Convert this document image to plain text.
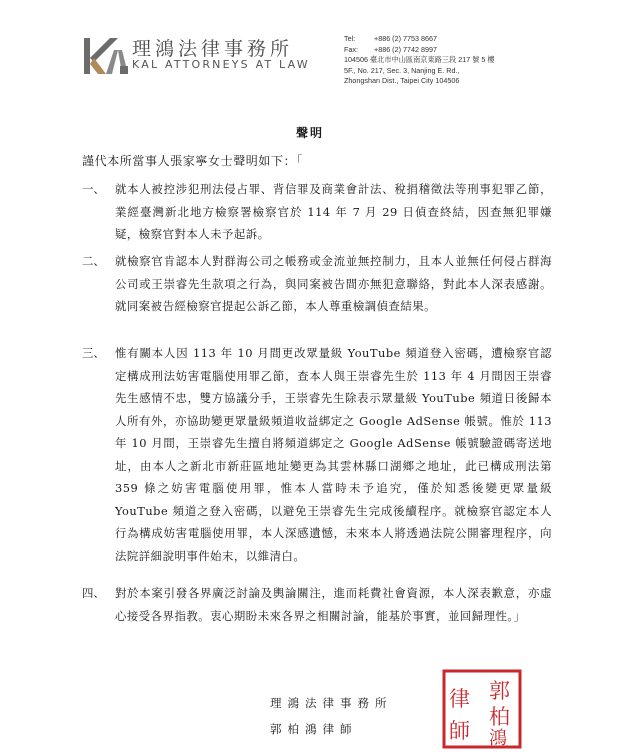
理鴻法律事務所
KAL ATTORNEYS AT LAW
Tel:	+886 (2) 7753 8667
Fax: +886 (2) 7742 8997
104506 臺北市中山區南京東路三段 217 號 5 樓
5F., No. 217, Sec. 3, Nanjing E. Rd.,
Zhongshan Dist., Taipei City 104506
聲明
謹代本所當事人張家寧女士聲明如下：「
一、 就本人被控涉犯刑法侵占罪、背信罪及商業會計法、稅捐稽徵法等刑事犯罪乙節，業經臺灣新北地方檢察署檢察官於 114 年 7 月 29 日偵查終結，因查無犯罪嫌疑，檢察官對本人未予起訴。
二、 就檢察官肯認本人對群海公司之帳務或金流並無控制力，且本人並無任何侵占群海公司或王崇睿先生款項之行為，與同案被告間亦無犯意聯絡，對此本人深表感謝。就同案被告經檢察官提起公訴乙節，本人尊重檢調偵查結果。
三、 惟有關本人因 113 年 10 月間更改眾量級 YouTube 頻道登入密碼，遭檢察官認定構成刑法妨害電腦使用罪乙節，查本人與王崇睿先生於 113 年 4 月間因王崇睿先生感情不忠，雙方協議分手，王崇睿先生除表示眾量級 YouTube 頻道日後歸本人所有外，亦協助變更眾量級頻道收益綁定之 Google AdSense 帳號。惟於 113 年 10 月間，王崇睿先生擅自將頻道綁定之 Google AdSense 帳號驗證碼寄送地址，由本人之新北市新莊區地址變更為其雲林縣口湖鄉之地址，此已構成刑法第 359 條之妨害電腦使用罪，惟本人當時未予追究，僅於知悉後變更眾量級 YouTube 頻道之登入密碼，以避免王崇睿先生完成後續程序。就檢察官認定本人行為構成妨害電腦使用罪，本人深感遺憾，未來本人將透過法院公開審理程序，向法院詳細說明事件始末，以維清白。
四、 對於本案引發各界廣泛討論及輿論關注，進而耗費社會資源，本人深表歉意，亦虛心接受各界指教。衷心期盼未來各界之相關討論，能基於事實，並回歸理性。」
理鴻法律事務所
郭柏鴻律師
郭
柏
鴻
律
師
